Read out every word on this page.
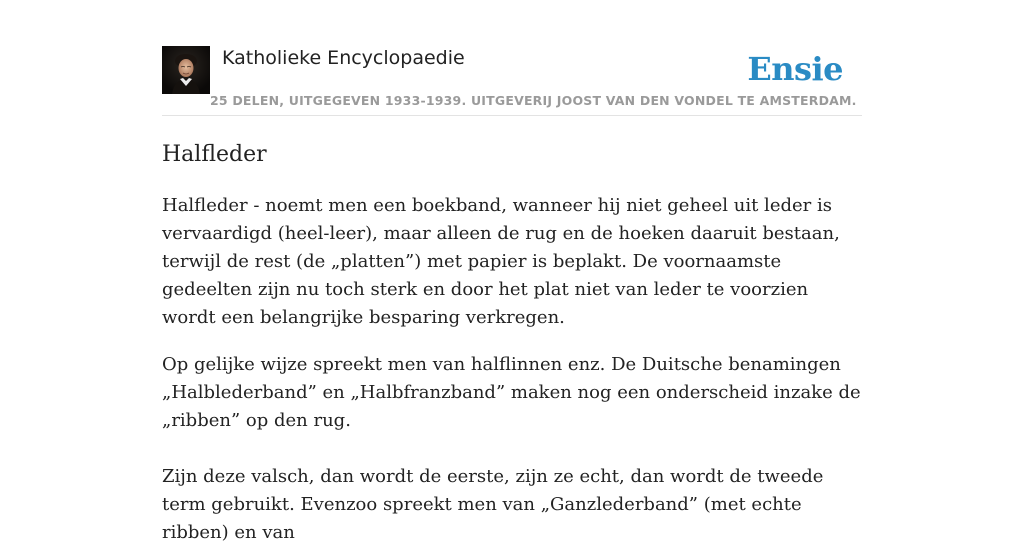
Katholieke Encyclopaedie
25 DELEN, UITGEGEVEN 1933-1939. UITGEVERIJ JOOST VAN DEN VONDEL TE AMSTERDAM.
Ensie
Halfleder

Halfleder - noemt men een boekband, wanneer hij niet geheel uit leder is vervaardigd (heel-leer), maar alleen de rug en de hoeken daaruit bestaan, terwijl de rest (de „platten”) met papier is beplakt. De voornaamste gedeelten zijn nu toch sterk en door het plat niet van leder te voorzien wordt een belangrijke besparing verkregen.

Op gelijke wijze spreekt men van halflinnen enz. De Duitsche benamingen „Halblederband” en „Halbfranzband” maken nog een onderscheid inzake de „ribben” op den rug.

Zijn deze valsch, dan wordt de eerste, zijn ze echt, dan wordt de tweede term gebruikt. Evenzoo spreekt men van „Ganzlederband” (met echte ribben) en van
